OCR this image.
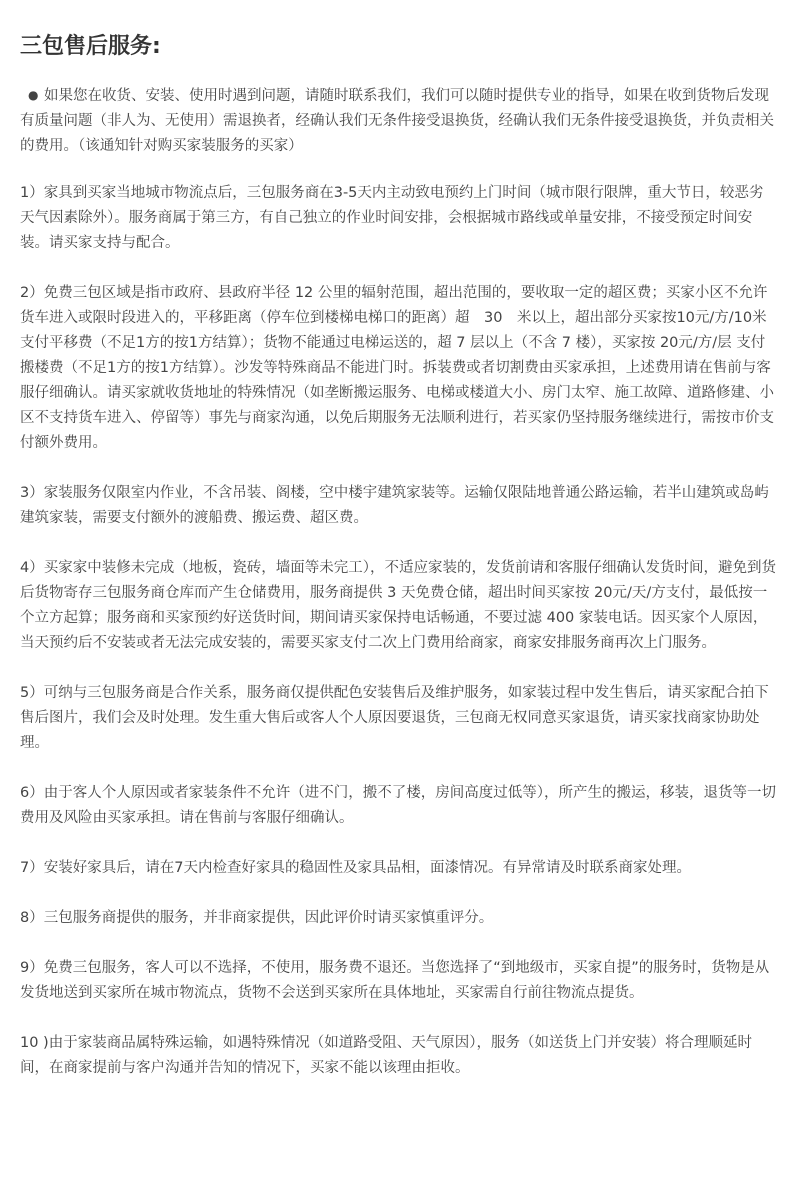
三包售后服务:
● 如果您在收货、安装、使用时遇到问题，请随时联系我们，我们可以随时提供专业的指导，如果在收到货物后发现有质量问题（非人为、无使用）需退换者，经确认我们无条件接受退换货，经确认我们无条件接受退换货，并负责相关的费用。（该通知针对购买家装服务的买家）

1）家具到买家当地城市物流点后，三包服务商在3-5天内主动致电预约上门时间（城市限行限牌，重大节日，较恶劣天气因素除外）。服务商属于第三方，有自己独立的作业时间安排，会根据城市路线或单量安排，不接受预定时间安装。请买家支持与配合。

2）免费三包区域是指市政府、县政府半径 12 公里的辐射范围，超出范围的，要收取一定的超区费；买家小区不允许货车进入或限时段进入的，平移距离（停车位到楼梯电梯口的距离）超　30　米以上，超出部分买家按10元/方/10米支付平移费（不足1方的按1方结算）；货物不能通过电梯运送的，超 7 层以上（不含 7 楼），买家按 20元/方/层 支付搬楼费（不足1方的按1方结算）。沙发等特殊商品不能进门时。拆装费或者切割费由买家承担，上述费用请在售前与客服仔细确认。请买家就收货地址的特殊情况（如垄断搬运服务、电梯或楼道大小、房门太窄、施工故障、道路修建、小区不支持货车进入、停留等）事先与商家沟通，以免后期服务无法顺利进行，若买家仍坚持服务继续进行，需按市价支付额外费用。

3）家装服务仅限室内作业，不含吊装、阁楼，空中楼宇建筑家装等。运输仅限陆地普通公路运输，若半山建筑或岛屿建筑家装，需要支付额外的渡船费、搬运费、超区费。

4）买家家中装修未完成（地板，瓷砖，墙面等未完工），不适应家装的，发货前请和客服仔细确认发货时间，避免到货后货物寄存三包服务商仓库而产生仓储费用，服务商提供 3 天免费仓储，超出时间买家按 20元/天/方支付，最低按一个立方起算；服务商和买家预约好送货时间，期间请买家保持电话畅通，不要过滤 400 家装电话。因买家个人原因，当天预约后不安装或者无法完成安装的，需要买家支付二次上门费用给商家，商家安排服务商再次上门服务。

5）可纳与三包服务商是合作关系，服务商仅提供配色安装售后及维护服务，如家装过程中发生售后，请买家配合拍下售后图片，我们会及时处理。发生重大售后或客人个人原因要退货，三包商无权同意买家退货，请买家找商家协助处理。

6）由于客人个人原因或者家装条件不允许（进不门，搬不了楼，房间高度过低等），所产生的搬运，移装，退货等一切费用及风险由买家承担。请在售前与客服仔细确认。

7）安装好家具后，请在7天内检查好家具的稳固性及家具品相，面漆情况。有异常请及时联系商家处理。

8）三包服务商提供的服务，并非商家提供，因此评价时请买家慎重评分。

9）免费三包服务，客人可以不选择，不使用，服务费不退还。当您选择了“到地级市，买家自提”的服务时，货物是从发货地送到买家所在城市物流点，货物不会送到买家所在具体地址，买家需自行前往物流点提货。

10 )由于家装商品属特殊运输，如遇特殊情况（如道路受阻、天气原因），服务（如送货上门并安装）将合理顺延时间，在商家提前与客户沟通并告知的情况下，买家不能以该理由拒收。
